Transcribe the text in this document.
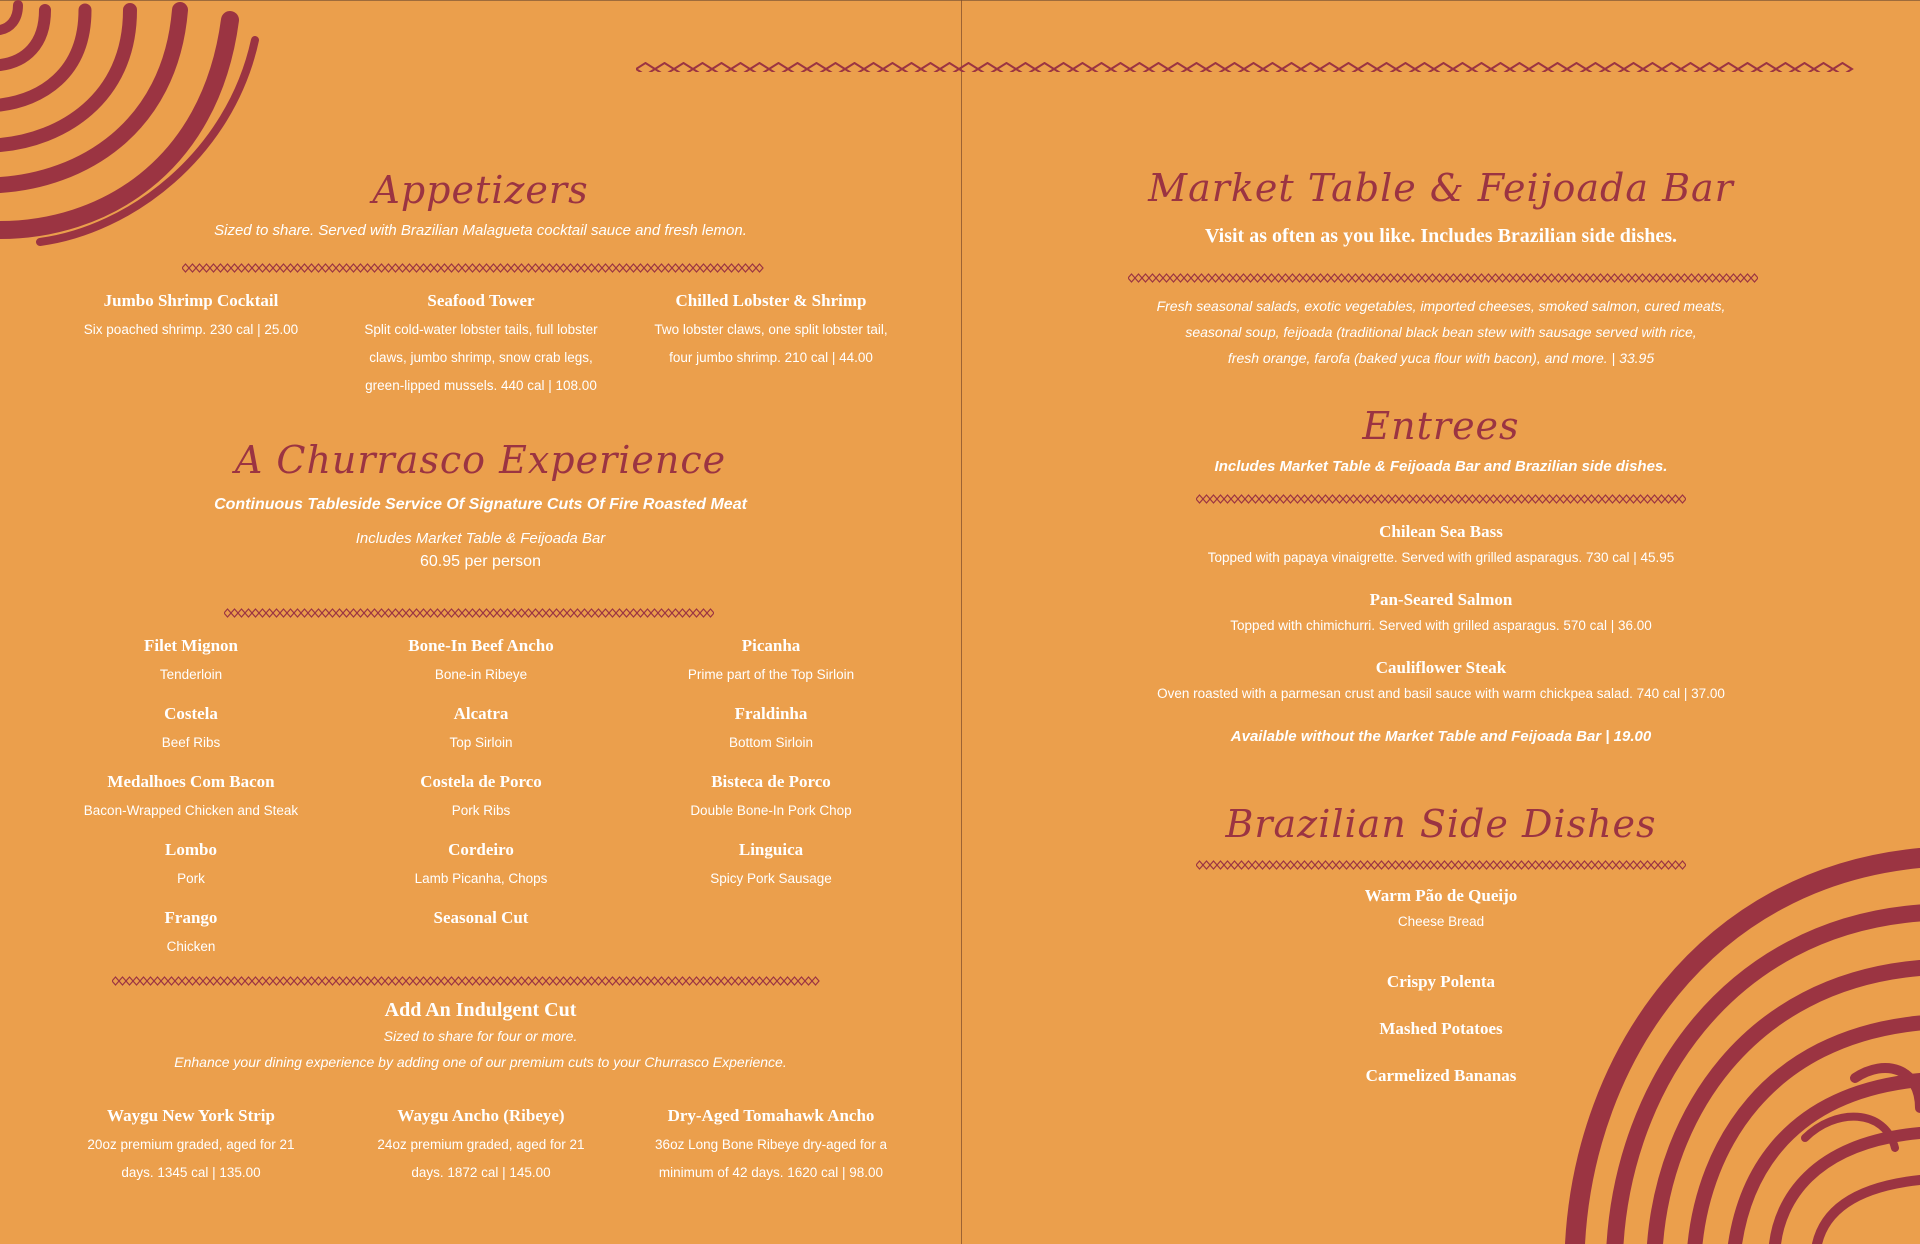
Appetizers

Sized to share. Served with Brazilian Malagueta cocktail sauce and fresh lemon.

Jumbo Shrimp Cocktail
Six poached shrimp. 230 cal | 25.00
Seafood Tower
Split cold-water lobster tails, full lobster claws, jumbo shrimp, snow crab legs, green-lipped mussels. 440 cal | 108.00
Chilled Lobster & Shrimp
Two lobster claws, one split lobster tail, four jumbo shrimp. 210 cal | 44.00
A Churrasco Experience
Continuous Tableside Service Of Signature Cuts Of Fire Roasted Meat
Includes Market Table & Feijoada Bar
60.95 per person
Filet Mignon
Tenderloin
Bone-In Beef Ancho
Bone-in Ribeye
Picanha
Prime part of the Top Sirloin
Costela
Beef Ribs
Alcatra
Top Sirloin
Fraldinha
Bottom Sirloin
Medalhoes Com Bacon
Bacon-Wrapped Chicken and Steak
Costela de Porco
Pork Ribs
Bisteca de Porco
Double Bone-In Pork Chop
Lombo
Pork
Cordeiro
Lamb Picanha, Chops
Linguica
Spicy Pork Sausage
Frango
Chicken
Seasonal Cut
Add An Indulgent Cut
Sized to share for four or more.
Enhance your dining experience by adding one of our premium cuts to your Churrasco Experience.
Waygu New York Strip
20oz premium graded, aged for 21 days. 1345 cal | 135.00
Waygu Ancho (Ribeye)
24oz premium graded, aged for 21 days. 1872 cal | 145.00
Dry-Aged Tomahawk Ancho
36oz Long Bone Ribeye dry-aged for a minimum of 42 days. 1620 cal | 98.00
Market Table & Feijoada Bar
Visit as often as you like. Includes Brazilian side dishes.
Fresh seasonal salads, exotic vegetables, imported cheeses, smoked salmon, cured meats,
seasonal soup, feijoada (traditional black bean stew with sausage served with rice,
fresh orange, farofa (baked yuca flour with bacon), and more. | 33.95
Entrees
Includes Market Table & Feijoada Bar and Brazilian side dishes.
Chilean Sea Bass
Topped with papaya vinaigrette. Served with grilled asparagus. 730 cal | 45.95
Pan-Seared Salmon
Topped with chimichurri. Served with grilled asparagus. 570 cal | 36.00
Cauliflower Steak
Oven roasted with a parmesan crust and basil sauce with warm chickpea salad. 740 cal | 37.00
Available without the Market Table and Feijoada Bar | 19.00
Brazilian Side Dishes
Warm Pão de Queijo
Cheese Bread
Crispy Polenta
Mashed Potatoes
Carmelized Bananas
